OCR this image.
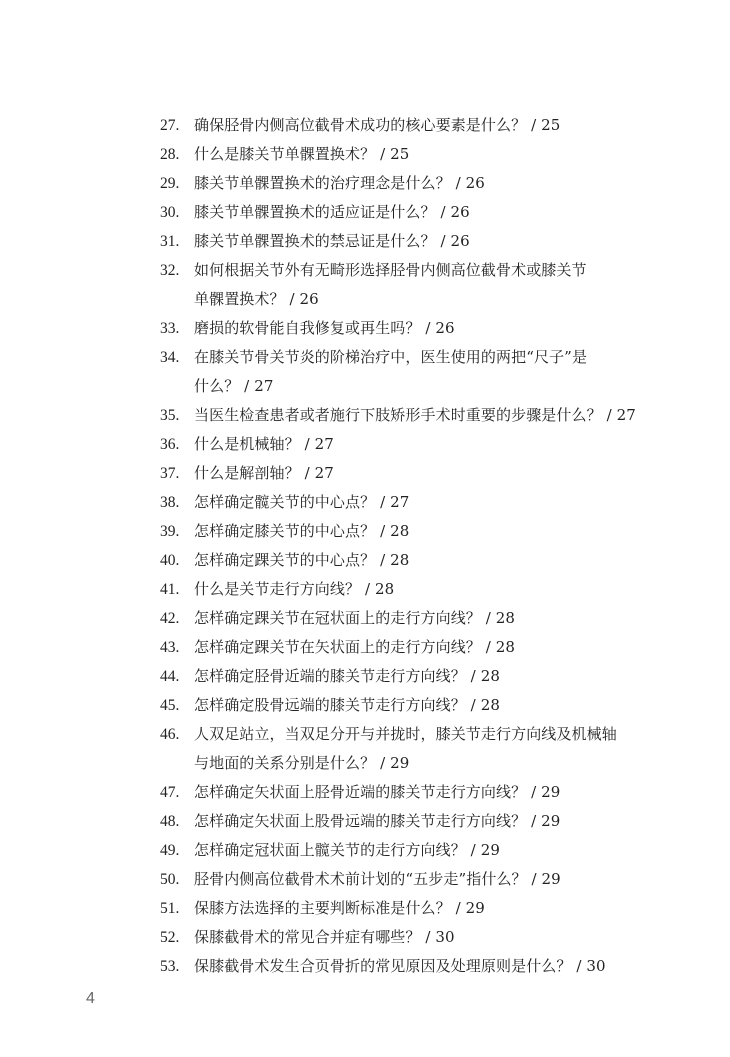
27. 确保胫骨内侧高位截骨术成功的核心要素是什么？ / 25
28. 什么是膝关节单髁置换术？ / 25
29. 膝关节单髁置换术的治疗理念是什么？ / 26
30. 膝关节单髁置换术的适应证是什么？ / 26
31. 膝关节单髁置换术的禁忌证是什么？ / 26
32. 如何根据关节外有无畸形选择胫骨内侧高位截骨术或膝关节
单髁置换术？ / 26
33. 磨损的软骨能自我修复或再生吗？ / 26
34. 在膝关节骨关节炎的阶梯治疗中，医生使用的两把“尺子”是
什么？ / 27
35. 当医生检查患者或者施行下肢矫形手术时重要的步骤是什么？ / 27
36. 什么是机械轴？ / 27
37. 什么是解剖轴？ / 27
38. 怎样确定髋关节的中心点？ / 27
39. 怎样确定膝关节的中心点？ / 28
40. 怎样确定踝关节的中心点？ / 28
41. 什么是关节走行方向线？ / 28
42. 怎样确定踝关节在冠状面上的走行方向线？ / 28
43. 怎样确定踝关节在矢状面上的走行方向线？ / 28
44. 怎样确定胫骨近端的膝关节走行方向线？ / 28
45. 怎样确定股骨远端的膝关节走行方向线？ / 28
46. 人双足站立，当双足分开与并拢时，膝关节走行方向线及机械轴
与地面的关系分别是什么？ / 29
47. 怎样确定矢状面上胫骨近端的膝关节走行方向线？ / 29
48. 怎样确定矢状面上股骨远端的膝关节走行方向线？ / 29
49. 怎样确定冠状面上髋关节的走行方向线？ / 29
50. 胫骨内侧高位截骨术术前计划的“五步走”指什么？ / 29
51. 保膝方法选择的主要判断标准是什么？ / 29
52. 保膝截骨术的常见合并症有哪些？ / 30
53. 保膝截骨术发生合页骨折的常见原因及处理原则是什么？ / 30
4
